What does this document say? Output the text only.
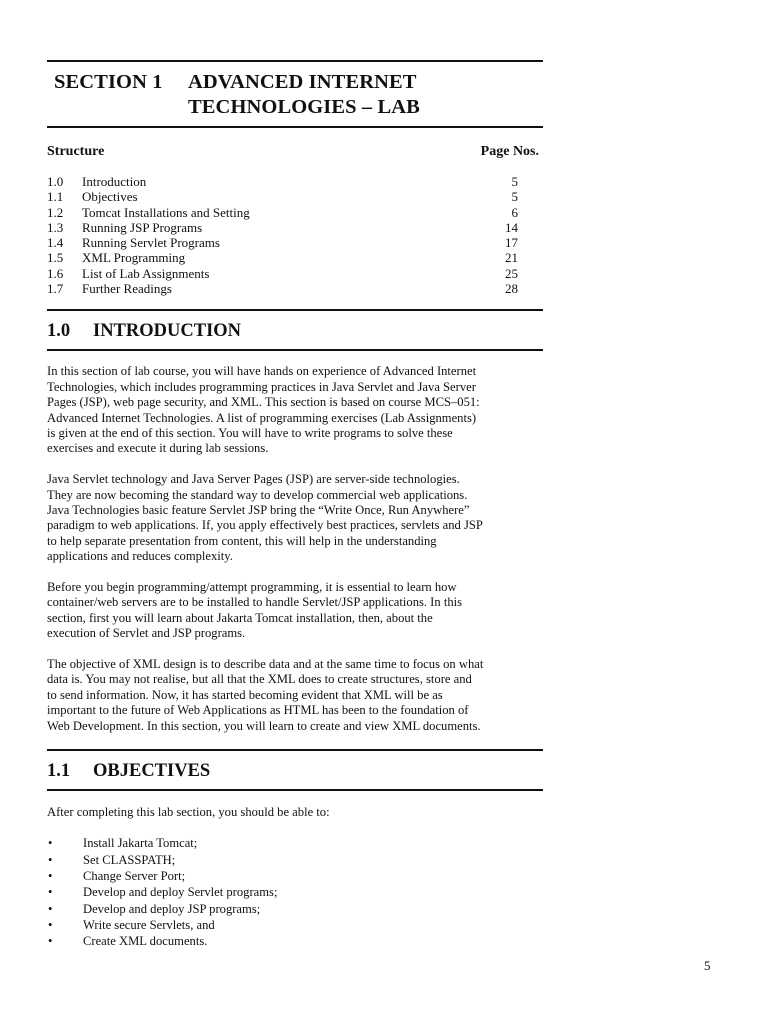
SECTION 1	ADVANCED INTERNET
TECHNOLOGIES – LAB
Structure	Page Nos.
1.0	Introduction	5
1.1	Objectives	5
1.2	Tomcat Installations and Setting	6
1.3	Running JSP Programs	14
1.4	Running Servlet Programs	17
1.5	XML Programming	21
1.6	List of Lab Assignments	25
1.7	Further Readings	28
1.0	INTRODUCTION
In this section of lab course, you will have hands on experience of Advanced Internet
Technologies, which includes programming practices in Java Servlet and Java Server
Pages (JSP), web page security, and XML. This section is based on course MCS–051:
Advanced Internet Technologies. A list of programming exercises (Lab Assignments)
is given at the end of this section. You will have to write programs to solve these
exercises and execute it during lab sessions.
Java Servlet technology and Java Server Pages (JSP) are server-side technologies.
They are now becoming the standard way to develop commercial web applications.
Java Technologies basic feature Servlet JSP bring the “Write Once, Run Anywhere”
paradigm to web applications. If, you apply effectively best practices, servlets and JSP
to help separate presentation from content, this will help in the understanding
applications and reduces complexity.
Before you begin programming/attempt programming, it is essential to learn how
container/web servers are to be installed to handle Servlet/JSP applications. In this
section, first you will learn about Jakarta Tomcat installation, then, about the
execution of Servlet and JSP programs.
The objective of XML design is to describe data and at the same time to focus on what
data is. You may not realise, but all that the XML does to create structures, store and
to send information. Now, it has started becoming evident that XML will be as
important to the future of Web Applications as HTML has been to the foundation of
Web Development. In this section, you will learn to create and view XML documents.
1.1	OBJECTIVES
After completing this lab section, you should be able to:
•	Install Jakarta Tomcat;
•	Set CLASSPATH;
•	Change Server Port;
•	Develop and deploy Servlet programs;
•	Develop and deploy JSP programs;
•	Write secure Servlets, and
•	Create XML documents.
5
